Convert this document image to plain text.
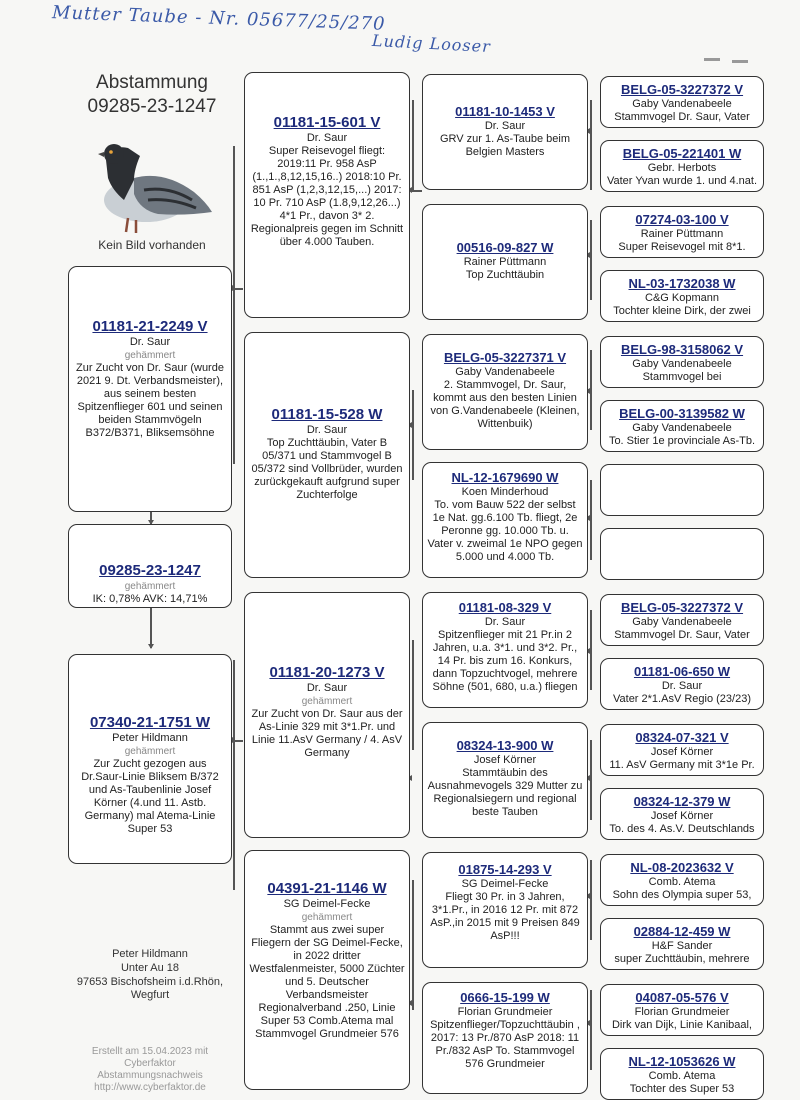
Mutter Taube - Nr. 05677/25/270
Ludig Looser
Abstammung
09285-23-1247
Kein Bild vorhanden
01181-21-2249 V
Dr. Saur
gehämmert
Zur Zucht von Dr. Saur (wurde 2021 9. Dt. Verbandsmeister), aus seinem besten Spitzenflieger 601 und seinen beiden Stammvögeln B372/B371, Bliksemsöhne
09285-23-1247
gehämmert
IK: 0,78% AVK: 14,71%
07340-21-1751 W
Peter Hildmann
gehämmert
Zur Zucht gezogen aus Dr.Saur-Linie Bliksem B/372 und As-Taubenlinie Josef Körner (4.und 11. Astb. Germany) mal Atema-Linie Super 53
Peter Hildmann
Unter Au 18
97653 Bischofsheim i.d.Rhön, Wegfurt
Erstellt am 15.04.2023 mit
Cyberfaktor
Abstammungsnachweis
http://www.cyberfaktor.de
01181-15-601 V
Dr. Saur
Super Reisevogel fliegt: 2019:11 Pr. 958 AsP (1.,1.,8,12,15,16..) 2018:10 Pr. 851 AsP (1,2,3,12,15,...) 2017: 10 Pr. 710 AsP (1.8,9,12,26...) 4*1 Pr., davon 3* 2. Regionalpreis gegen im Schnitt über 4.000 Tauben.
01181-15-528 W
Dr. Saur
Top Zuchttäubin, Vater B 05/371 und Stammvogel B 05/372 sind Vollbrüder, wurden zurückgekauft aufgrund super Zuchterfolge
01181-20-1273 V
Dr. Saur
gehämmert
Zur Zucht von Dr. Saur aus der As-Linie 329 mit 3*1.Pr. und Linie 11.AsV Germany / 4. AsV Germany
04391-21-1146 W
SG Deimel-Fecke
gehämmert
Stammt aus zwei super Fliegern der SG Deimel-Fecke, in 2022 dritter Westfalenmeister, 5000 Züchter und 5. Deutscher Verbandsmeister Regionalverband .250, Linie Super 53 Comb.Atema mal Stammvogel Grundmeier 576
01181-10-1453 V
Dr. Saur
GRV zur 1. As-Taube beim Belgien Masters
00516-09-827 W
Rainer Püttmann
Top Zuchttäubin
BELG-05-3227371 V
Gaby Vandenabeele
2. Stammvogel, Dr. Saur, kommt aus den besten Linien von G.Vandenabeele (Kleinen, Wittenbuik)
NL-12-1679690 W
Koen Minderhoud
To. vom Bauw 522 der selbst 1e Nat. gg.6.100 Tb. fliegt, 2e Peronne gg. 10.000 Tb. u. Vater v. zweimal 1e NPO gegen 5.000 und 4.000 Tb.
01181-08-329 V
Dr. Saur
Spitzenflieger mit 21 Pr.in 2 Jahren, u.a. 3*1. und 3*2. Pr., 14 Pr. bis zum 16. Konkurs, dann Topzuchtvogel, mehrere Söhne (501, 680, u.a.) fliegen
08324-13-900 W
Josef Körner
Stammtäubin des Ausnahmevogels 329 Mutter zu Regionalsiegern und regional beste Tauben
01875-14-293 V
SG Deimel-Fecke
Fliegt 30 Pr. in 3 Jahren, 3*1.Pr., in 2016 12 Pr. mit 872 AsP.,in 2015 mit 9 Preisen 849 AsP!!!
0666-15-199 W
Florian Grundmeier
Spitzenflieger/Topzuchttäubin , 2017: 13 Pr./870 AsP 2018: 11 Pr./832 AsP To. Stammvogel 576 Grundmeier
BELG-05-3227372 V
Gaby Vandenabeele
Stammvogel Dr. Saur, Vater
BELG-05-221401 W
Gebr. Herbots
Vater Yvan wurde 1. und 4.nat.
07274-03-100 V
Rainer Püttmann
Super Reisevogel mit 8*1.
NL-03-1732038 W
C&G Kopmann
Tochter kleine Dirk, der zwei
BELG-98-3158062 V
Gaby Vandenabeele
Stammvogel bei
BELG-00-3139582 W
Gaby Vandenabeele
To. Stier 1e provinciale As-Tb.
BELG-05-3227372 V
Gaby Vandenabeele
Stammvogel Dr. Saur, Vater
01181-06-650 W
Dr. Saur
Vater 2*1.AsV Regio (23/23)
08324-07-321 V
Josef Körner
11. AsV Germany mit 3*1e Pr.
08324-12-379 W
Josef Körner
To. des 4. As.V. Deutschlands
NL-08-2023632 V
Comb. Atema
Sohn des Olympia super 53,
02884-12-459 W
H&F Sander
super Zuchttäubin, mehrere
04087-05-576 V
Florian Grundmeier
Dirk van Dijk, Linie Kanibaal,
NL-12-1053626 W
Comb. Atema
Tochter des Super 53
